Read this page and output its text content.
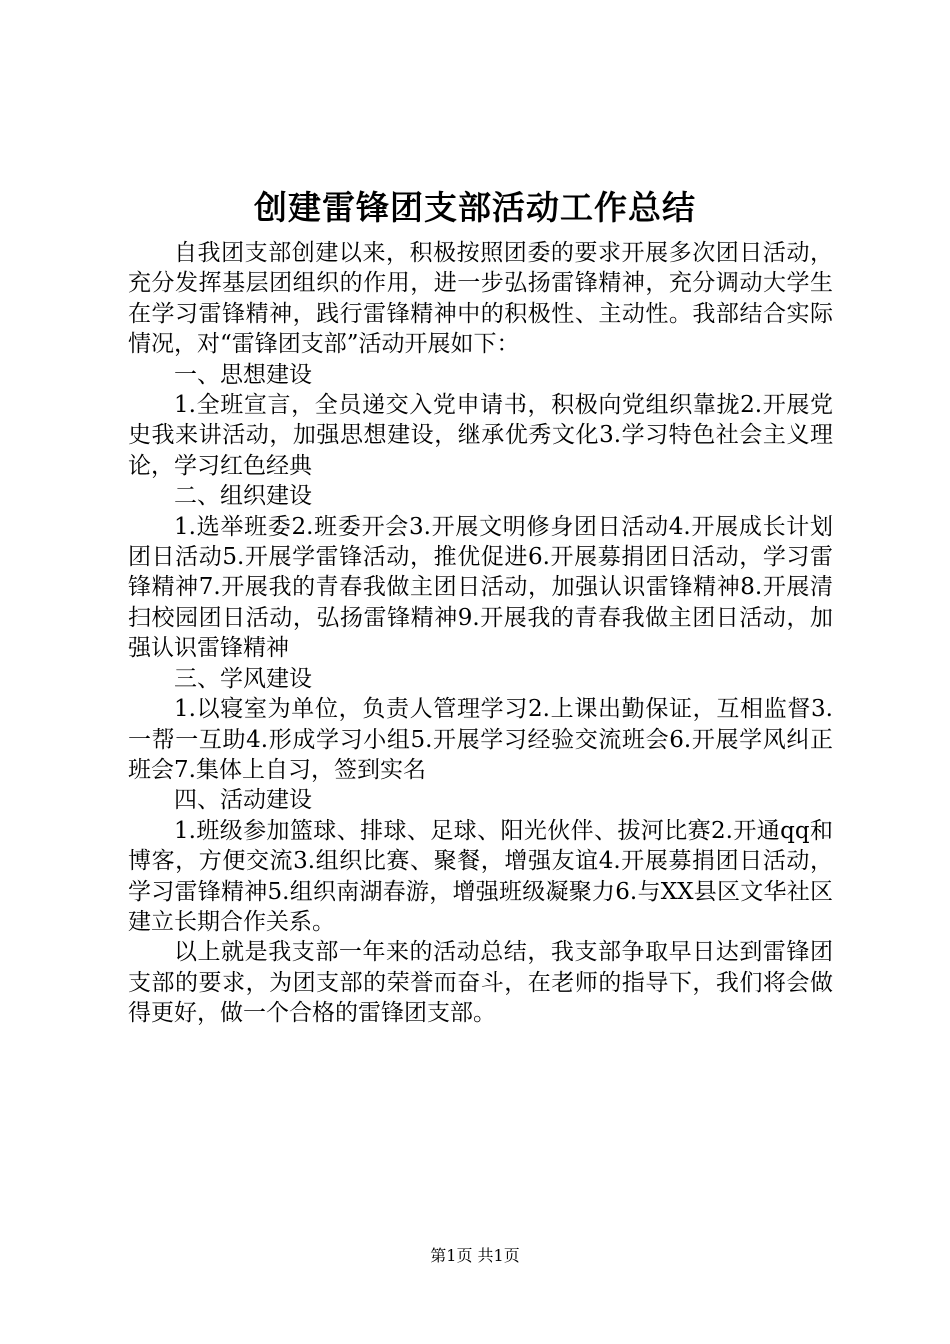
创建雷锋团支部活动工作总结

自我团支部创建以来，积极按照团委的要求开展多次团日活动，充分发挥基层团组织的作用，进一步弘扬雷锋精神，充分调动大学生在学习雷锋精神，践行雷锋精神中的积极性、主动性。我部结合实际情况，对“雷锋团支部”活动开展如下：

一、思想建设

1.全班宣言，全员递交入党申请书，积极向党组织靠拢2.开展党史我来讲活动，加强思想建设，继承优秀文化3.学习特色社会主义理论，学习红色经典

二、组织建设

1.选举班委2.班委开会3.开展文明修身团日活动4.开展成长计划团日活动5.开展学雷锋活动，推优促进6.开展募捐团日活动，学习雷锋精神7.开展我的青春我做主团日活动，加强认识雷锋精神8.开展清扫校园团日活动，弘扬雷锋精神9.开展我的青春我做主团日活动，加强认识雷锋精神

三、学风建设

1.以寝室为单位，负责人管理学习2.上课出勤保证，互相监督3.一帮一互助4.形成学习小组5.开展学习经验交流班会6.开展学风纠正班会7.集体上自习，签到实名

四、活动建设

1.班级参加篮球、排球、足球、阳光伙伴、拔河比赛2.开通qq和博客，方便交流3.组织比赛、聚餐，增强友谊4.开展募捐团日活动，学习雷锋精神5.组织南湖春游，增强班级凝聚力6.与XX县区文华社区建立长期合作关系。

以上就是我支部一年来的活动总结，我支部争取早日达到雷锋团支部的要求，为团支部的荣誉而奋斗，在老师的指导下，我们将会做得更好，做一个合格的雷锋团支部。

第1页 共1页
